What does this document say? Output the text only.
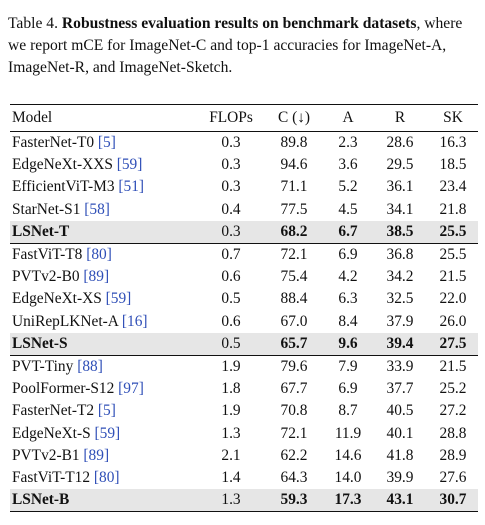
Table 4. Robustness evaluation results on benchmark datasets, where we report mCE for ImageNet-C and top-1 accuracies for ImageNet-A, ImageNet-R, and ImageNet-Sketch.
Model	FLOPs	C (↓)	A	R	SK
FasterNet-T0 [5]	0.3	89.8	2.3	28.6	16.3
EdgeNeXt-XXS [59]	0.3	94.6	3.6	29.5	18.5
EfficientViT-M3 [51]	0.3	71.1	5.2	36.1	23.4
StarNet-S1 [58]	0.4	77.5	4.5	34.1	21.8
LSNet-T	0.3	68.2	6.7	38.5	25.5
FastViT-T8 [80]	0.7	72.1	6.9	36.8	25.5
PVTv2-B0 [89]	0.6	75.4	4.2	34.2	21.5
EdgeNeXt-XS [59]	0.5	88.4	6.3	32.5	22.0
UniRepLKNet-A [16]	0.6	67.0	8.4	37.9	26.0
LSNet-S	0.5	65.7	9.6	39.4	27.5
PVT-Tiny [88]	1.9	79.6	7.9	33.9	21.5
PoolFormer-S12 [97]	1.8	67.7	6.9	37.7	25.2
FasterNet-T2 [5]	1.9	70.8	8.7	40.5	27.2
EdgeNeXt-S [59]	1.3	72.1	11.9	40.1	28.8
PVTv2-B1 [89]	2.1	62.2	14.6	41.8	28.9
FastViT-T12 [80]	1.4	64.3	14.0	39.9	27.6
LSNet-B	1.3	59.3	17.3	43.1	30.7
